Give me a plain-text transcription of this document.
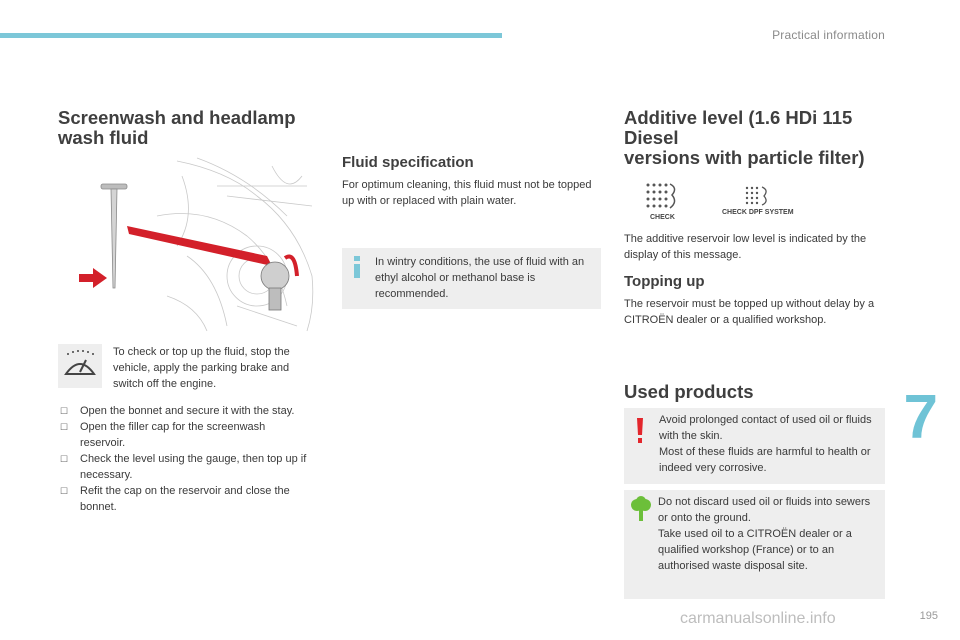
Practical information
Screenwash and headlamp
wash fluid

To check or top up the fluid, stop the vehicle, apply the parking brake and switch off the engine.

☐ Open the bonnet and secure it with the stay.
☐ Open the filler cap for the screenwash reservoir.
☐ Check the level using the gauge, then top up if necessary.
☐ Refit the cap on the reservoir and close the bonnet.
Fluid specification

For optimum cleaning, this fluid must not be topped up with or replaced with plain water.

In wintry conditions, the use of fluid with an ethyl alcohol or methanol base is recommended.

Additive level (1.6 HDi 115 Diesel
versions with particle filter)
CHECK
CHECK DPF SYSTEM

The additive reservoir low level is indicated by the display of this message.

Topping up

The reservoir must be topped up without delay by a CITROËN dealer or a qualified workshop.

Used products

Avoid prolonged contact of used oil or fluids with the skin.

Most of these fluids are harmful to health or indeed very corrosive.

Do not discard used oil or fluids into sewers or onto the ground.

Take used oil to a CITROËN dealer or a qualified workshop (France) or to an authorised waste disposal site.

7
195
carmanualsonline.info
